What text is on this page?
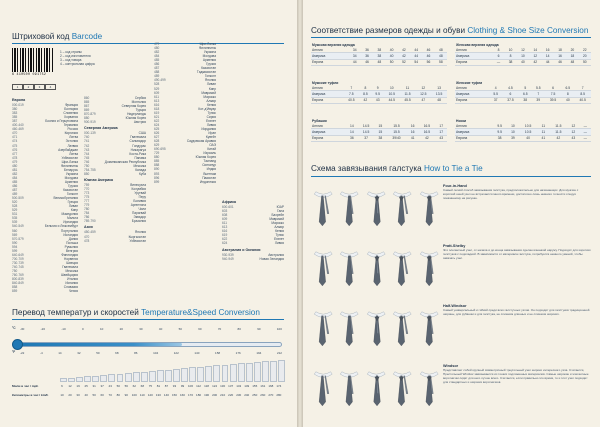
Штриховой код Barcode
6 410500 091752
1	2	3	4
1 – код страны
2 – код изготовителя
3 – код товара
4 – контрольная цифра
Европа
000-019	Франция
380	Болгария
383	Словения
385	Хорватия
387	Босния и Герцеговина
400-440	Германия
460-469	Россия
470	Киргизия
471	Литва
474	Эстония
475	Латвия
476	Азербайджан
477	Литва
478	Узбекистан
479	Шри-Ланка
480	Филиппины
481	Беларусь
482	Украина
484	Молдова
485	Армения
486	Грузия
487	Казахстан
489	Гонконг
500-509	Великобритания
520	Греция
528	Ливан
529	Кипр
531	Македония
535	Мальта
539	Ирландия
540-549	Бельгия и Люксембург
560	Португалия
569	Исландия
570-579	Дания
590	Польша
594	Румыния
599	Венгрия
640-649	Финляндия
700-709	Норвегия
730-739	Швеция
740-745	Гватемала
750	Мексика
760-769	Швейцария
800-839	Италия
840-849	Испания
858	Словакия
859	Чехия
860	Сербия
865	Монголия
867	Северная Корея
869	Турция
870-879	Нидерланды
880	Южная Корея
900-919	Австрия
Северная Америка
000-139	США
740	Гватемала
741	Сальвадор
742	Гондурас
743	Никарагуа
744	Коста-Рика
745	Панама
746	Доминиканская Республика
750	Мексика
754-755	Канада
850	Куба
Южная Америка
759	Венесуэла
770	Колумбия
773	Уругвай
775	Перу
777	Боливия
779	Аргентина
780	Чили
784	Парагвай
786	Эквадор
789-790	Бразилия
Азия
450-459	Япония
470	Кыргызстан
478	Узбекистан
479	Шри-Ланка
480	Филиппины
482	Украина
484	Молдова
485	Армения
486	Грузия
487	Казахстан
488	Таджикистан
489	Гонконг
490-499	Япония
528	Ливан
529	Кипр
609	Маврикий
611	Марокко
613	Алжир
616	Кения
618	Кот-д'Ивуар
619	Тунис
621	Сирия
622	Египет
624	Ливия
625	Иордания
626	Иран
627	Кувейт
628	Саудовская Аравия
629	ОАЭ
690-695	Китай
729	Израиль
880	Южная Корея
885	Таиланд
888	Сингапур
890	Индия
893	Вьетнам
896	Пакистан
899	Индонезия
Африка
600-601	ЮАР
603	Гана
608	Бахрейн
609	Маврикий
611	Марокко
613	Алжир
616	Кения
619	Тунис
622	Египет
624	Ливия
Австралия и Океания
930-939	Австралия
940-949	Новая Зеландия
Перевод температур и скоростей Temperature&Speed Conversion
°C -30	-20	-10	0	10	20	30	40	50	60	70	80	90	100
°F -22	-4	14	32	50	68	86	104	122	140	158	176	194	212
Мили в час / mph	6	12	19	25	31	37	43	50	56	62	68	75	81	87	93	99	106	112	118	124	130	137	143	149	155	161	168	174
Километры в час / km/h	10	20	30	40	50	60	70	80	90	100	110	120	130	140	150	160	170	180	190	200	210	220	230	240	250	260	270	280
Соответствие размеров одежды и обуви Clothing & Shoe Size Conversion
Мужская верхняя одежда								
Англия	34	36	38	40	42	44	46	48
Америка	34	36	38	40	42	44	46	48
Европа	44	46	48	50	52	54	56	58
Женская верхняя одежда								
Англия	8	10	12	14	16	18	20	22
Америка	6	8	10	12	14	16	18	20
Европа	—	38	40	42	44	46	48	50
Мужские туфли							
Англия	7	8	9	10	11	12	13
Америка	7.5	8.5	9.5	10.5	11.5	12.5	13.5
Европа	40.5	42	43	44.5	45.5	47	48
Женские туфли							
Англия	4	4.5	5	5.5	6	6.5	7
Америка	5.5	6	6.5	7	7.5	8	8.5
Европа	37	37.5	38	39	39.5	40	40.5
Рубашки							
Англия	14	14.5	15	15.5	16	16.5	17
Америка	14	14.5	15	15.5	16	16.5	17
Европа	36	37	38	39/40	41	42	43
Носки							
Англия	9.5	10	10.5	11	11.5	12	—
Америка	9.5	10	10.5	11	11.5	12	—
Европа	38	39	40	41	42	43	—
Схема завязывания галстука How to Tie a Tie
Four-in-Hand
Самый легкий способ завязывания галстука, предположительно для начинающих. Для мужчин с короткой шеей узел не встречается много времени, достаточно лишь немного точности следуя показанному на рисунке.
Pratt-Shelby
Это элегантный узел, от начала и до конца завязывания сделан изнанкой наружу. Подходит для коротких галстуков с подкладкой. В зависимости от материала галстука, потребуется немного умений, чтобы завязать узел.
Half-Windsor
Самый универсальный и гибкий среди всех галстучных узлов. Он подходит для галстуков традиционной ширины, для рубашки и для галстука, не слишком длинных и не слишком широких.
Windsor
Представляет собой крупный симметричный треугольный узел широко интересного узла. Считается, Престольный Windsor завязывается из тонких подложенных материалов. Самые широкие и элегантные воротнички сидят для него лучше всего. Считается, если правильно это время, то и этот узел подходит для стандартных и широких воротничков.
